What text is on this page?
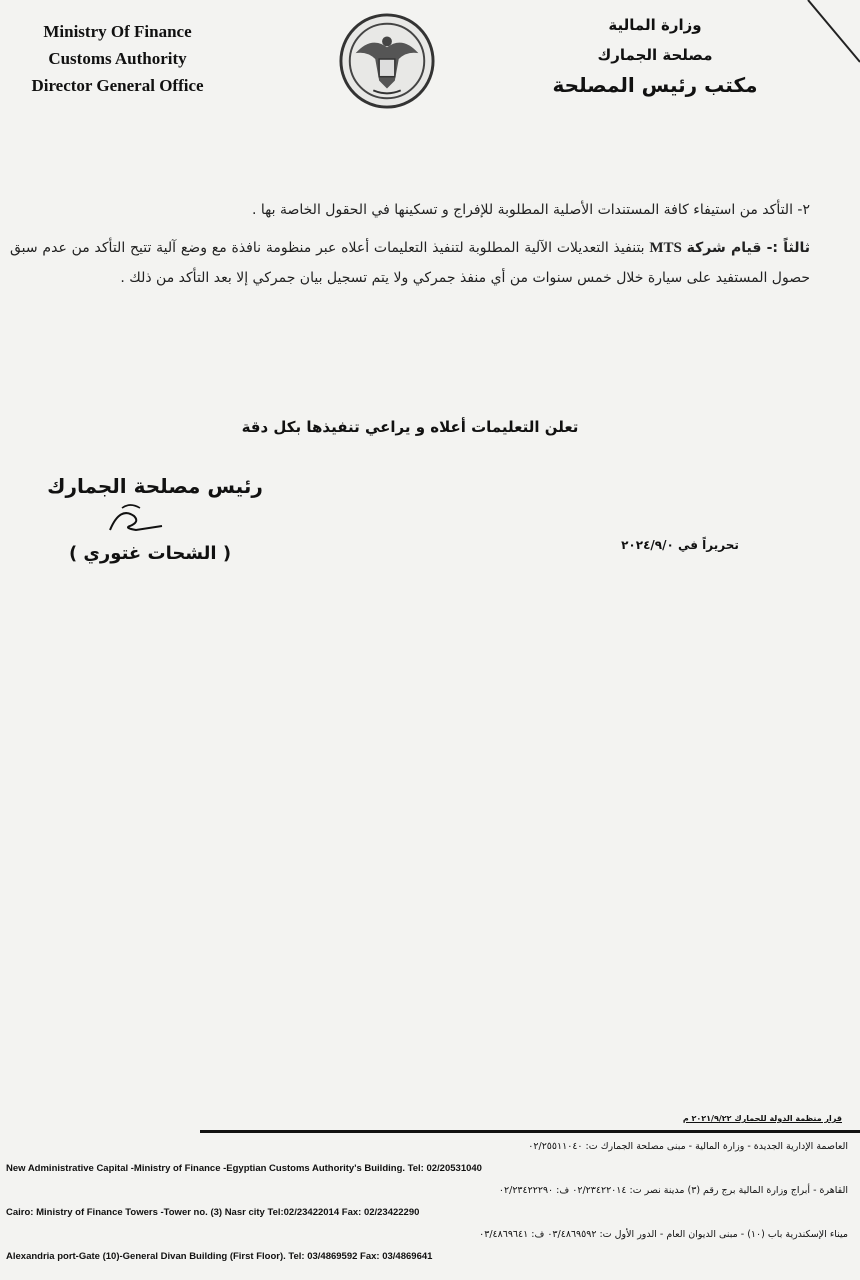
Ministry Of Finance
Customs Authority
Director General Office
وزارة المالية
مصلحة الجمارك
مكتب رئيس المصلحة

٢- التأكد من استيفاء كافة المستندات الأصلية المطلوبة للإفراج و تسكينها في الحقول الخاصة بها .

ثالثاً :- قيام شركة MTS بتنفيذ التعديلات الآلية المطلوبة لتنفيذ التعليمات أعلاه عبر منظومة نافذة مع وضع آلية تتيح التأكد من عدم سبق حصول المستفيد على سيارة خلال خمس سنوات من أي منفذ جمركي ولا يتم تسجيل بيان جمركي إلا بعد التأكد من ذلك .

تعلن التعليمات أعلاه و يراعي تنفيذها بكل دقة
رئيس مصلحة الجمارك
( الشحات غتوري )	تحريراً في ٢٠٢٤/٩/٠
قرار منظمة الدولة للجمارك ٢٠٢١/٩/٢٢ م
العاصمة الإدارية الجديدة - وزارة المالية - مبنى مصلحة الجمارك ت: ٠٢/٢٥٥١١٠٤٠
New Administrative Capital -Ministry of Finance -Egyptian Customs Authority's Building. Tel: 02/20531040
القاهرة - أبراج وزارة المالية برج رقم (٣) مدينة نصر ت: ٠٢/٢٣٤٢٢٠١٤ ف: ٠٢/٢٣٤٢٢٢٩٠
Cairo: Ministry of Finance Towers -Tower no. (3) Nasr city Tel:02/23422014 Fax: 02/23422290
ميناء الإسكندرية باب (١٠) - مبنى الديوان العام - الدور الأول ت: ٠٣/٤٨٦٩٥٩٢ ف: ٠٣/٤٨٦٩٦٤١
Alexandria port-Gate (10)-General Divan Building (First Floor). Tel: 03/4869592 Fax: 03/4869641
